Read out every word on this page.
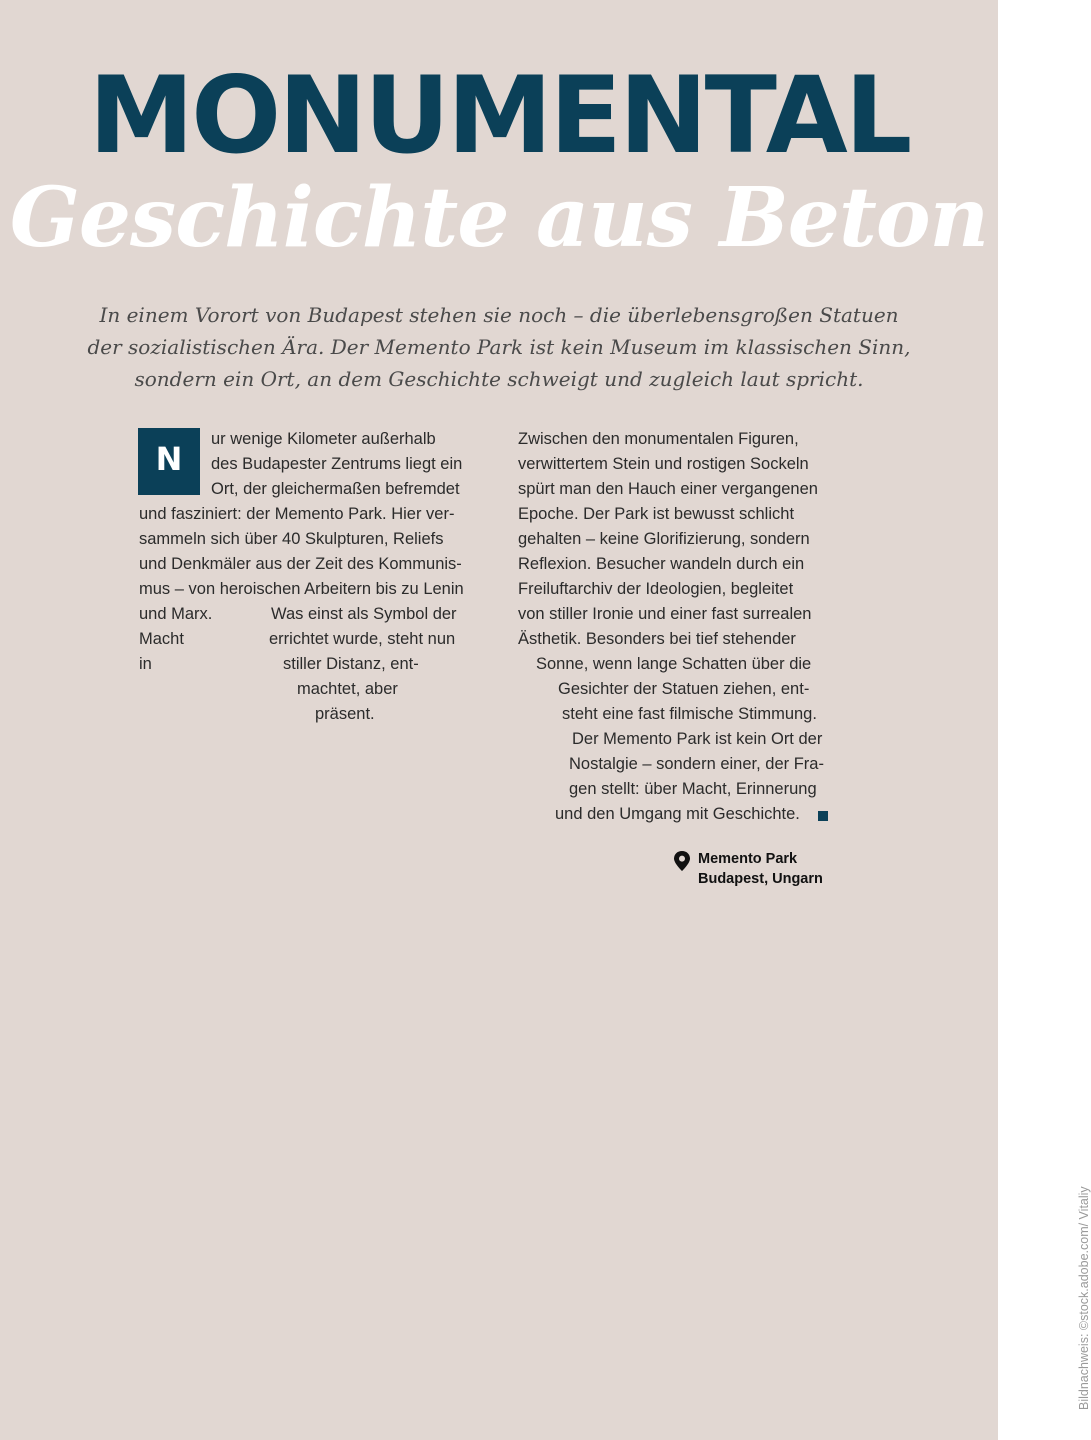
MONUMENTAL
Geschichte aus Beton

In einem Vorort von Budapest stehen sie noch – die überlebensgroßen Statuen
der sozialistischen Ära. Der Memento Park ist kein Museum im klassischen Sinn,
sondern ein Ort, an dem Geschichte schweigt und zugleich laut spricht.

N
ur wenige Kilometer außerhalb
des Budapester Zentrums liegt ein
Ort, der gleichermaßen befremdet
und fasziniert: der Memento Park. Hier ver-
sammeln sich über 40 Skulpturen, Reliefs
und Denkmäler aus der Zeit des Kommunis-
mus – von heroischen Arbeitern bis zu Lenin
und Marx.	Was einst als Symbol der
Macht	errichtet wurde, steht nun
in	stiller Distanz, ent-
machtet, aber
präsent.
Zwischen den monumentalen Figuren,
verwittertem Stein und rostigen Sockeln
spürt man den Hauch einer vergangenen
Epoche. Der Park ist bewusst schlicht
gehalten – keine Glorifizierung, sondern
Reflexion. Besucher wandeln durch ein
Freiluftarchiv der Ideologien, begleitet
von stiller Ironie und einer fast surrealen
Ästhetik. Besonders bei tief stehender
Sonne, wenn lange Schatten über die
Gesichter der Statuen ziehen, ent-
steht eine fast filmische Stimmung.
Der Memento Park ist kein Ort der
Nostalgie – sondern einer, der Fra-
gen stellt: über Macht, Erinnerung
und den Umgang mit Geschichte.
Memento Park
Budapest, Ungarn
Bildnachweis: ©stock.adobe.com/ Vitaliy
